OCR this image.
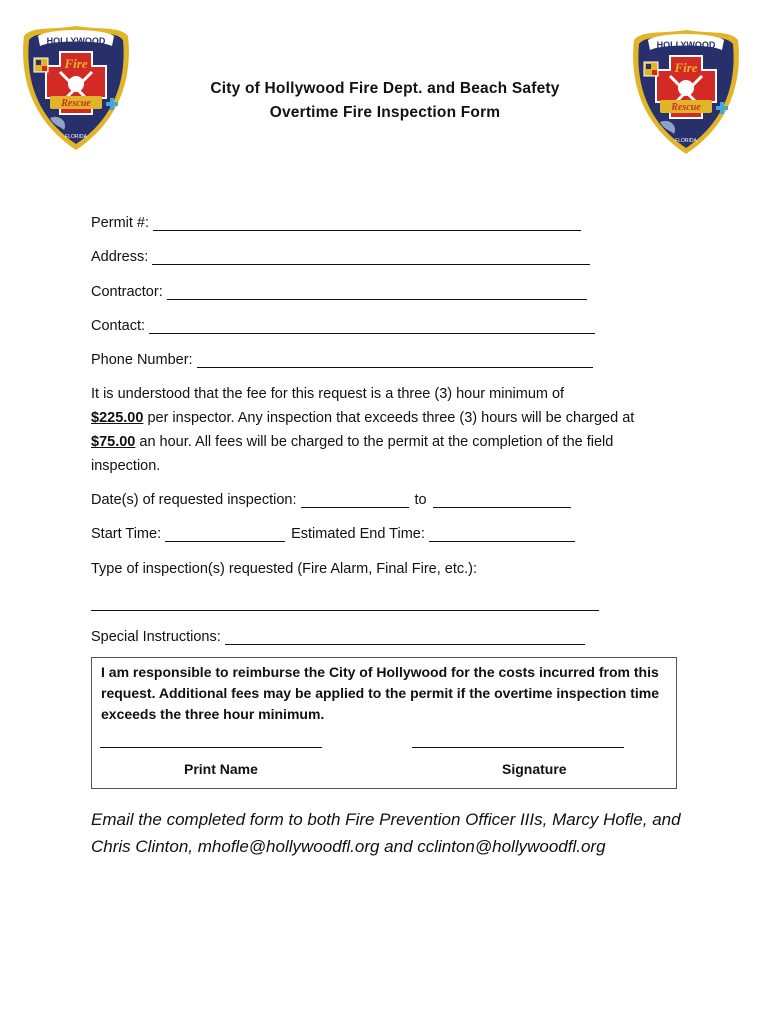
HOLLYWOOD
Fire
Rescue
FLORIDA
HOLLYWOOD
Fire
Rescue
FLORIDA
City of Hollywood Fire Dept. and Beach Safety
Overtime Fire Inspection Form
Permit #:
Address:
Contractor:
Contact:
Phone Number:
It is understood that the fee for this request is a three (3) hour minimum of
$225.00 per inspector. Any inspection that exceeds three (3) hours will be charged at $75.00 an hour. All fees will be charged to the permit at the completion of the field inspection.
Date(s) of requested inspection:	to
Start Time:	Estimated End Time:
Type of inspection(s) requested (Fire Alarm, Final Fire, etc.):
Special Instructions:
I am responsible to reimburse the City of Hollywood for the costs incurred from this request. Additional fees may be applied to the permit if the overtime inspection time exceeds the three hour minimum.
Print Name	Signature
Email the completed form to both Fire Prevention Officer IIIs, Marcy Hofle, and Chris Clinton, mhofle@hollywoodfl.org and cclinton@hollywoodfl.org
